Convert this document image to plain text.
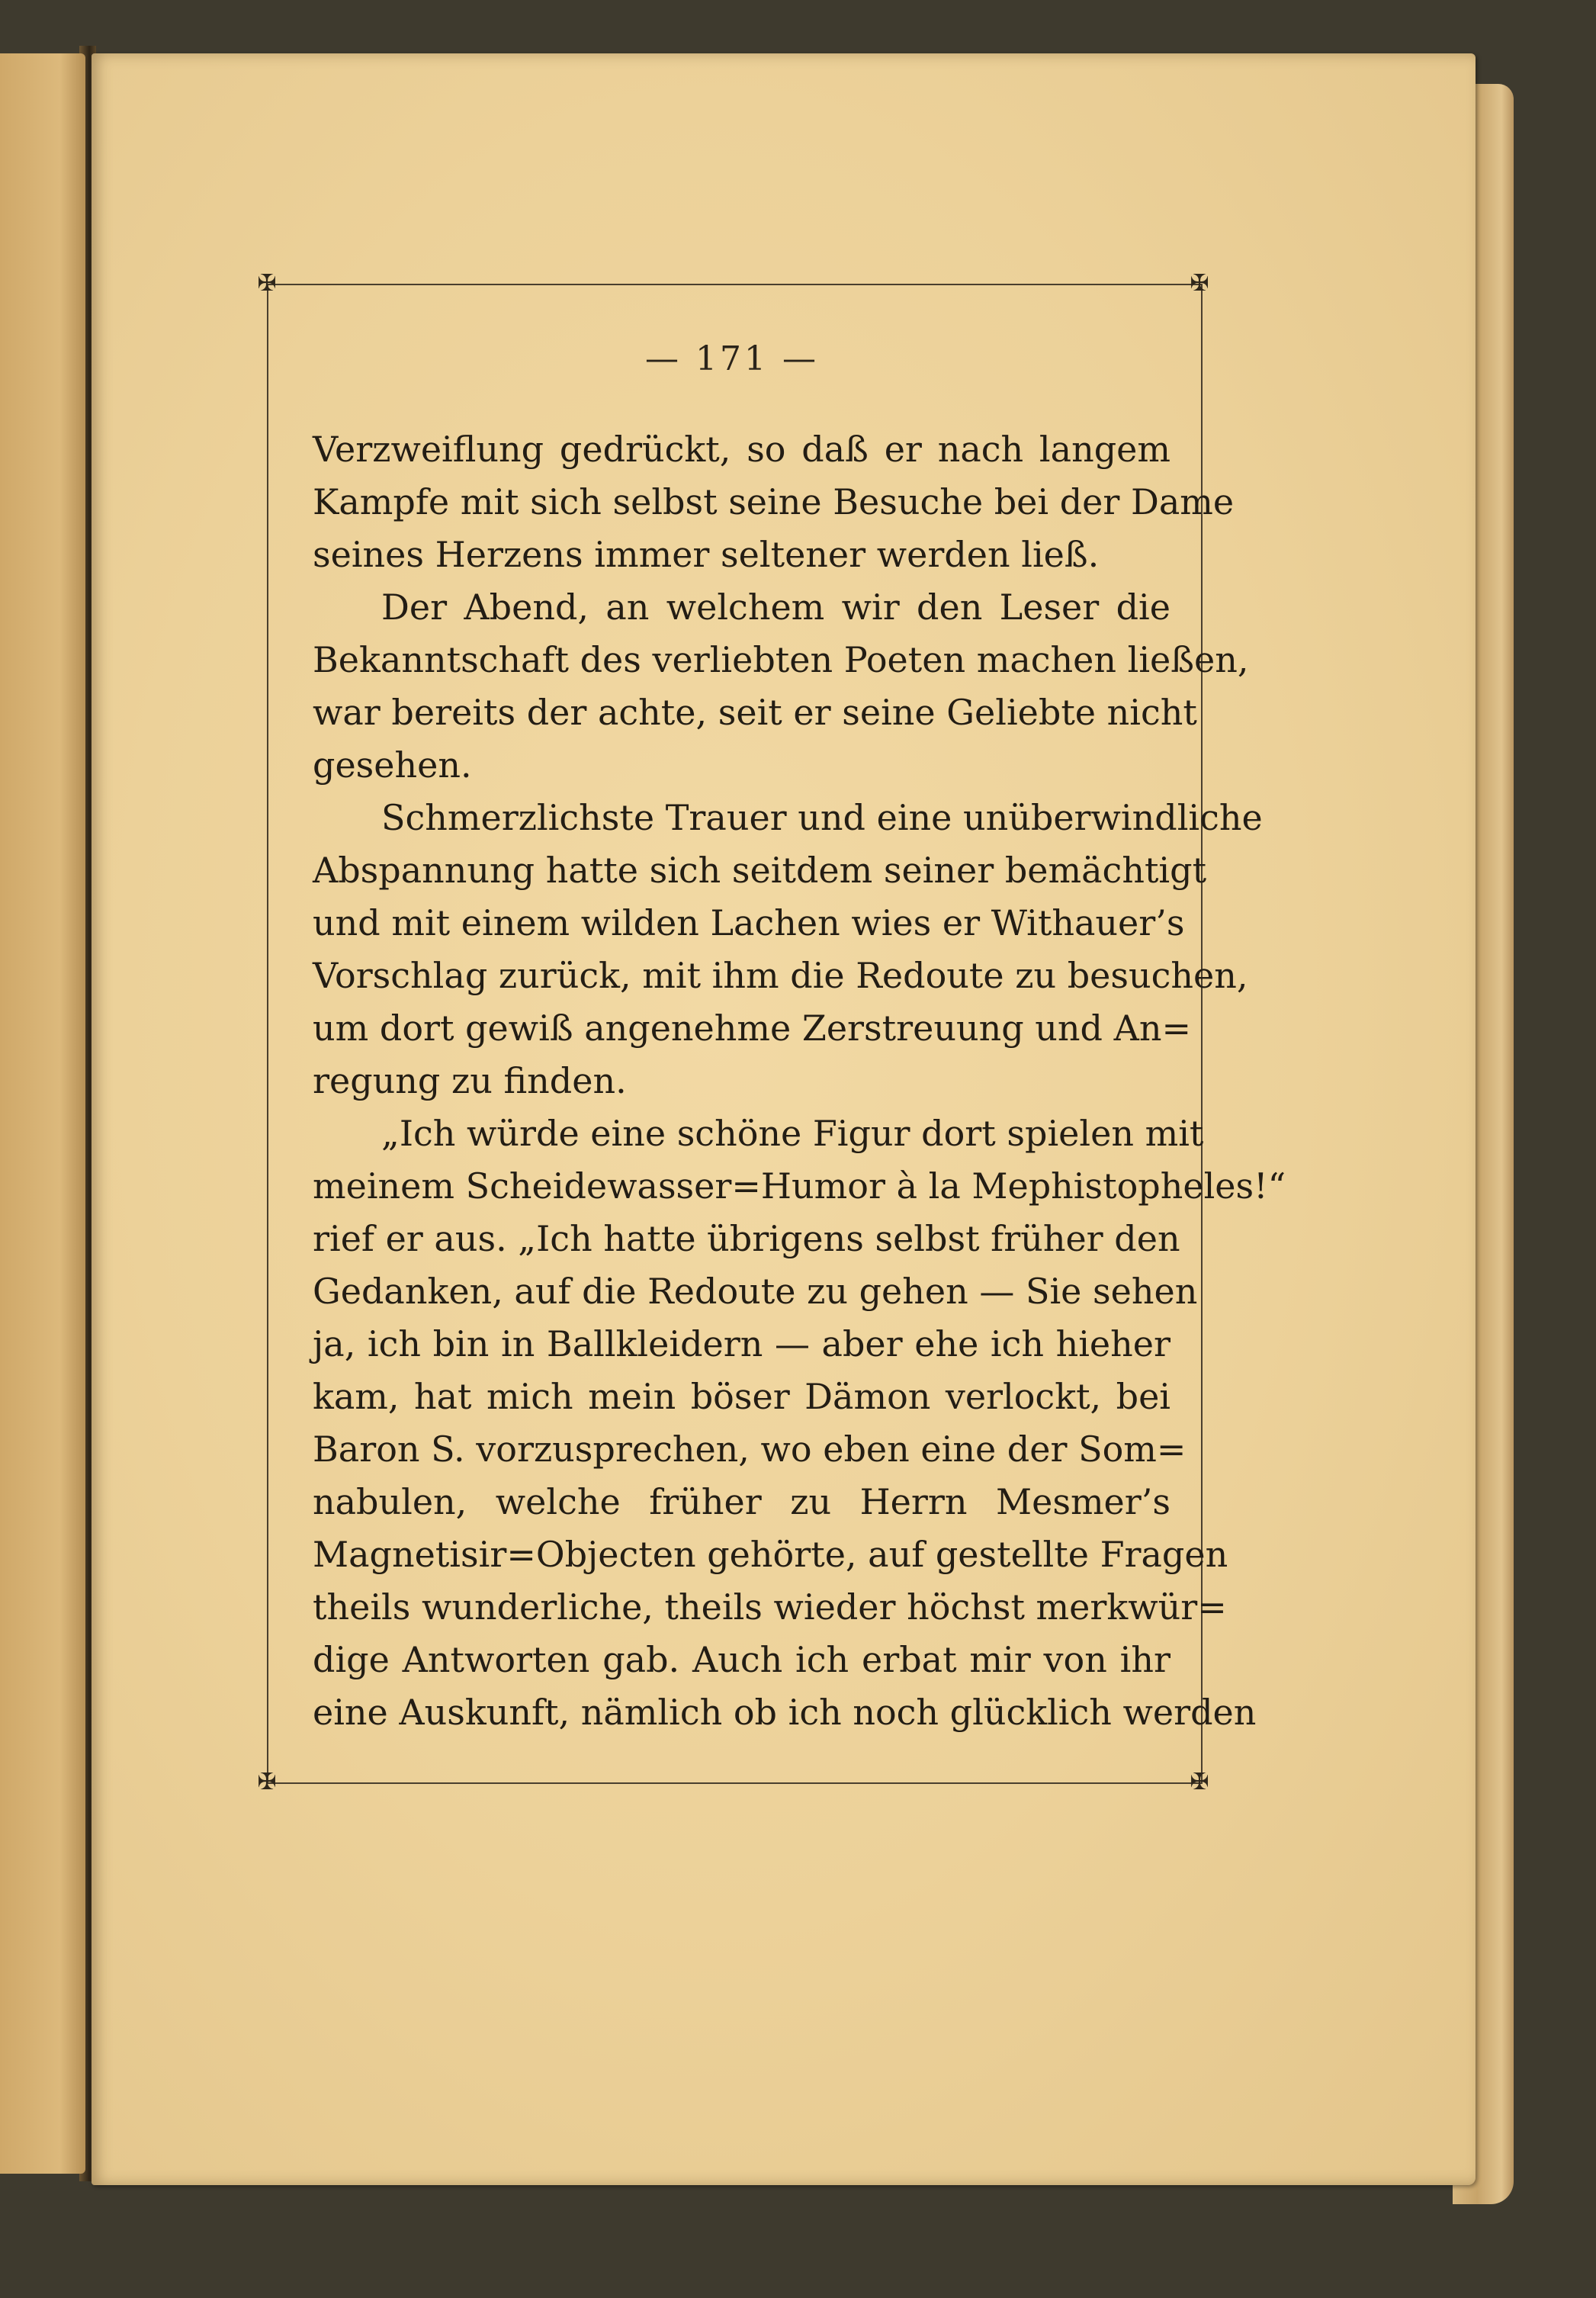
✠	✠
✠	✠
— 171 —
Verzweiflung gedrückt, so daß er nach langem
Kampfe mit sich selbst seine Besuche bei der Dame
seines Herzens immer seltener werden ließ.
Der Abend, an welchem wir den Leser die
Bekanntschaft des verliebten Poeten machen ließen,
war bereits der achte, seit er seine Geliebte nicht
gesehen.
Schmerzlichste Trauer und eine unüberwindliche
Abspannung hatte sich seitdem seiner bemächtigt
und mit einem wilden Lachen wies er Withauer’s
Vorschlag zurück, mit ihm die Redoute zu besuchen,
um dort gewiß angenehme Zerstreuung und An=
regung zu finden.
„Ich würde eine schöne Figur dort spielen mit
meinem Scheidewasser=Humor à la Mephistopheles!“
rief er aus. „Ich hatte übrigens selbst früher den
Gedanken, auf die Redoute zu gehen — Sie sehen
ja, ich bin in Ballkleidern — aber ehe ich hieher
kam, hat mich mein böser Dämon verlockt, bei
Baron S. vorzusprechen, wo eben eine der Som=
nabulen, welche früher zu Herrn Mesmer’s
Magnetisir=Objecten gehörte, auf gestellte Fragen
theils wunderliche, theils wieder höchst merkwür=
dige Antworten gab. Auch ich erbat mir von ihr
eine Auskunft, nämlich ob ich noch glücklich werden
